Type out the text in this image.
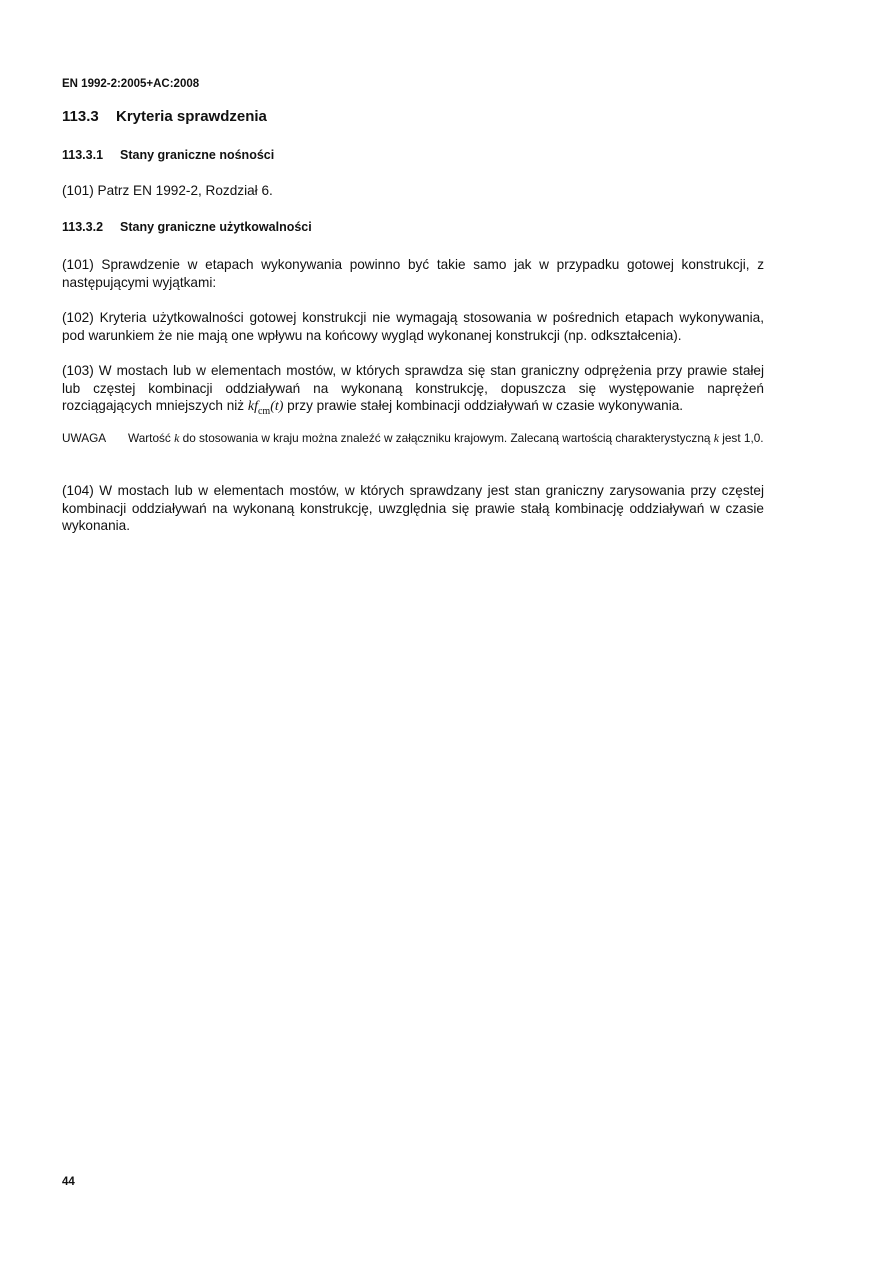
EN 1992-2:2005+AC:2008
113.3 Kryteria sprawdzenia
113.3.1 Stany graniczne nośności
(101) Patrz EN 1992-2, Rozdział 6.
113.3.2 Stany graniczne użytkowalności
(101) Sprawdzenie w etapach wykonywania powinno być takie samo jak w przypadku gotowej konstrukcji, z następującymi wyjątkami:
(102) Kryteria użytkowalności gotowej konstrukcji nie wymagają stosowania w pośrednich etapach wykonywania, pod warunkiem że nie mają one wpływu na końcowy wygląd wykonanej konstrukcji (np. odkształcenia).
(103) W mostach lub w elementach mostów, w których sprawdza się stan graniczny odprężenia przy prawie stałej lub częstej kombinacji oddziaływań na wykonaną konstrukcję, dopuszcza się występowanie naprężeń rozciągających mniejszych niż $kf_{cm}(t)$ przy prawie stałej kombinacji oddziaływań w czasie wykonywania.
UWAGA Wartość k do stosowania w kraju można znaleźć w załączniku krajowym. Zalecaną wartością charakterystyczną k jest 1,0.
(104) W mostach lub w elementach mostów, w których sprawdzany jest stan graniczny zarysowania przy częstej kombinacji oddziaływań na wykonaną konstrukcję, uwzględnia się prawie stałą kombinację oddziaływań w czasie wykonania.
44
